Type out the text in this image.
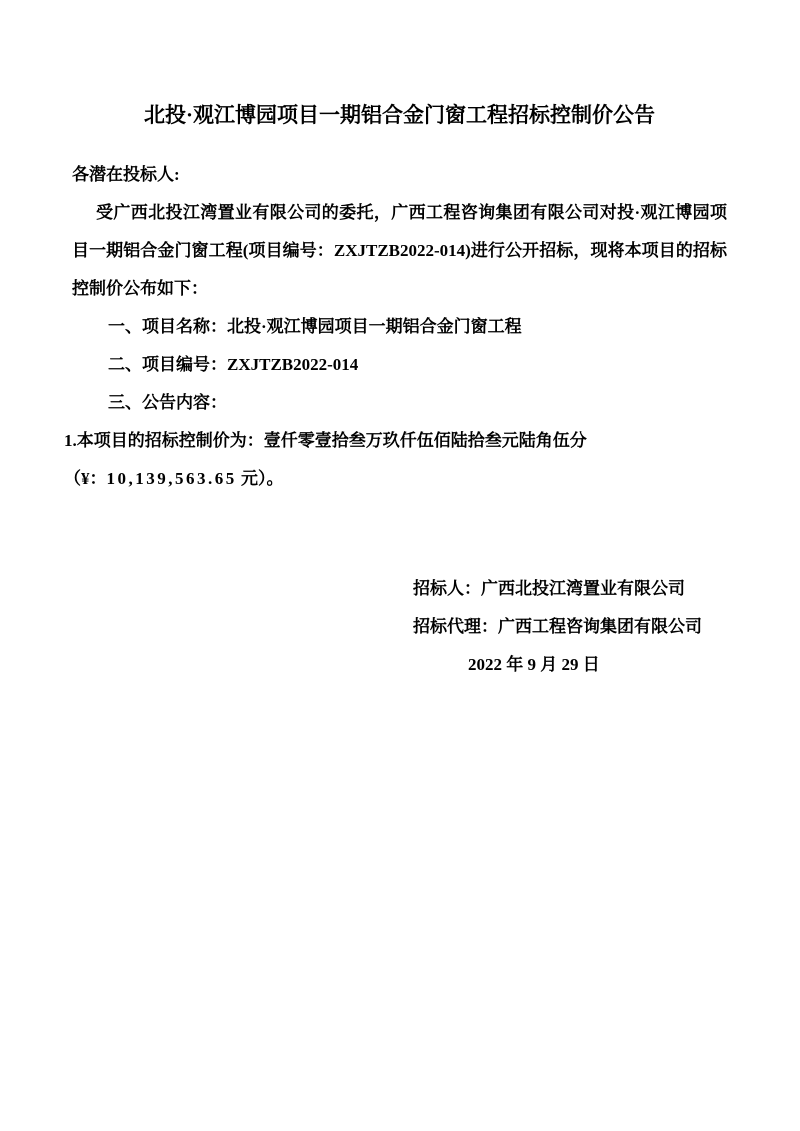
北投·观江博园项目一期铝合金门窗工程招标控制价公告

各潜在投标人:

受广西北投江湾置业有限公司的委托，广西工程咨询集团有限公司对投·观江博园项目一期铝合金门窗工程(项目编号：ZXJTZB2022-014)进行公开招标，现将本项目的招标控制价公布如下：

一、项目名称：北投·观江博园项目一期铝合金门窗工程

二、项目编号：ZXJTZB2022-014

三、公告内容：

1.本项目的招标控制价为：壹仟零壹拾叁万玖仟伍佰陆拾叁元陆角伍分

（¥：10,139,563.65 元）。

招标人：广西北投江湾置业有限公司

招标代理：广西工程咨询集团有限公司

2022 年 9 月 29 日
